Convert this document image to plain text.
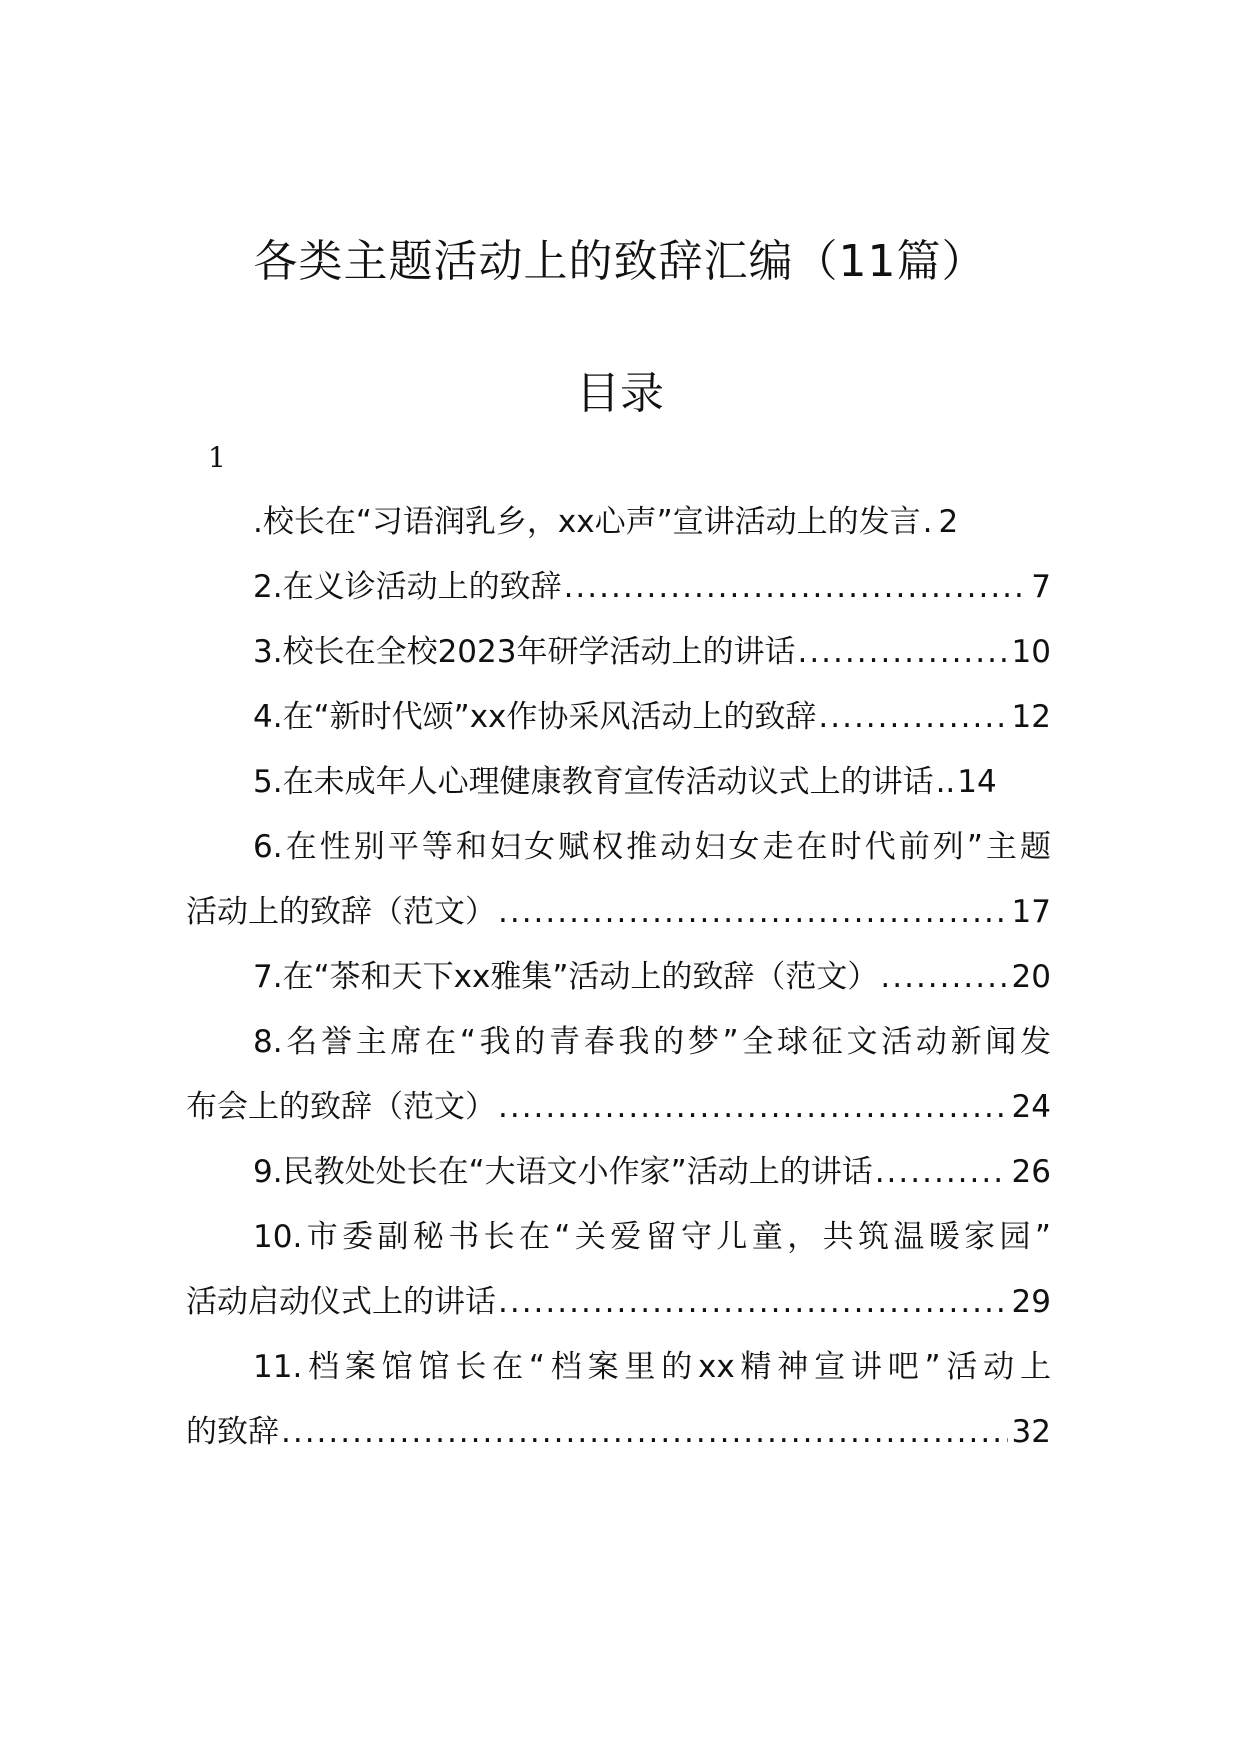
各类主题活动上的致辞汇编（11篇）
目录
1
.校长在“习语润乳乡，xx心声”宣讲活动上的发言 . 2
2.在义诊活动上的致辞 .....	7
3.校长在全校2023年研学活动上的讲话 .....	10
4.在“新时代颂”xx作协采风活动上的致辞 .....	12
5.在未成年人心理健康教育宣传活动议式上的讲话 .. 14
6.在性别平等和妇女赋权推动妇女走在时代前列”主题
活动上的致辞（范文） .....	17
7.在“茶和天下xx雅集”活动上的致辞（范文） .....	20
8.名誉主席在“我的青春我的梦”全球征文活动新闻发
布会上的致辞（范文） .....	24
9.民教处处长在“大语文小作家”活动上的讲话 .....	26
10.市委副秘书长在“关爱留守儿童，共筑温暖家园”
活动启动仪式上的讲话 .....	29
11.档案馆馆长在“档案里的xx精神宣讲吧”活动上
的致辞 .....	32
